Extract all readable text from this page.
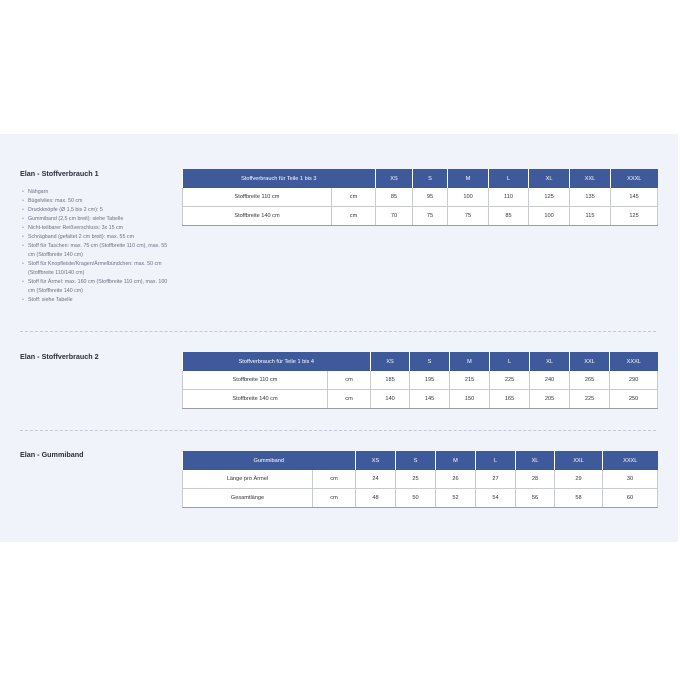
Elan - Stoffverbrauch 1
• Nähgarn
• Bügelvlies: max. 50 cm
• Druckknöpfe (Ø 1,5 bis 2 cm): 5
• Gummiband (2,5 cm breit): siehe Tabelle
• Nicht-teilbarer Reißverschluss: 3x 15 cm
• Schrägband (gefaltet 2 cm breit): max. 55 cm
• Stoff für Taschen: max. 75 cm (Stoffbreite 110 cm), max. 55 cm (Stoffbreite 140 cm)
• Stoff für Knopfleiste/Kragen/Ärmelbündchen: max. 50 cm (Stoffbreite 110/140 cm)
• Stoff für Ärmel: max. 160 cm (Stoffbreite 110 cm), max. 100 cm (Stoffbreite 140 cm)
• Stoff: siehe Tabelle
Stoffverbrauch für Teile 1 bis 3		XS	S	M	L	XL	XXL	XXXL
Stoffbreite 110 cm	cm	85	95	100	110	125	135	145
Stoffbreite 140 cm	cm	70	75	75	85	100	115	125
Elan - Stoffverbrauch 2
Stoffverbrauch für Teile 1 bis 4		XS	S	M	L	XL	XXL	XXXL
Stoffbreite 110 cm	cm	185	195	215	225	240	265	290
Stoffbreite 140 cm	cm	140	145	150	165	205	225	250
Elan - Gummiband
Gummiband		XS	S	M	L	XL	XXL	XXXL
Länge pro Ärmel	cm	24	25	26	27	28	29	30
Gesamtlänge	cm	48	50	52	54	56	58	60
